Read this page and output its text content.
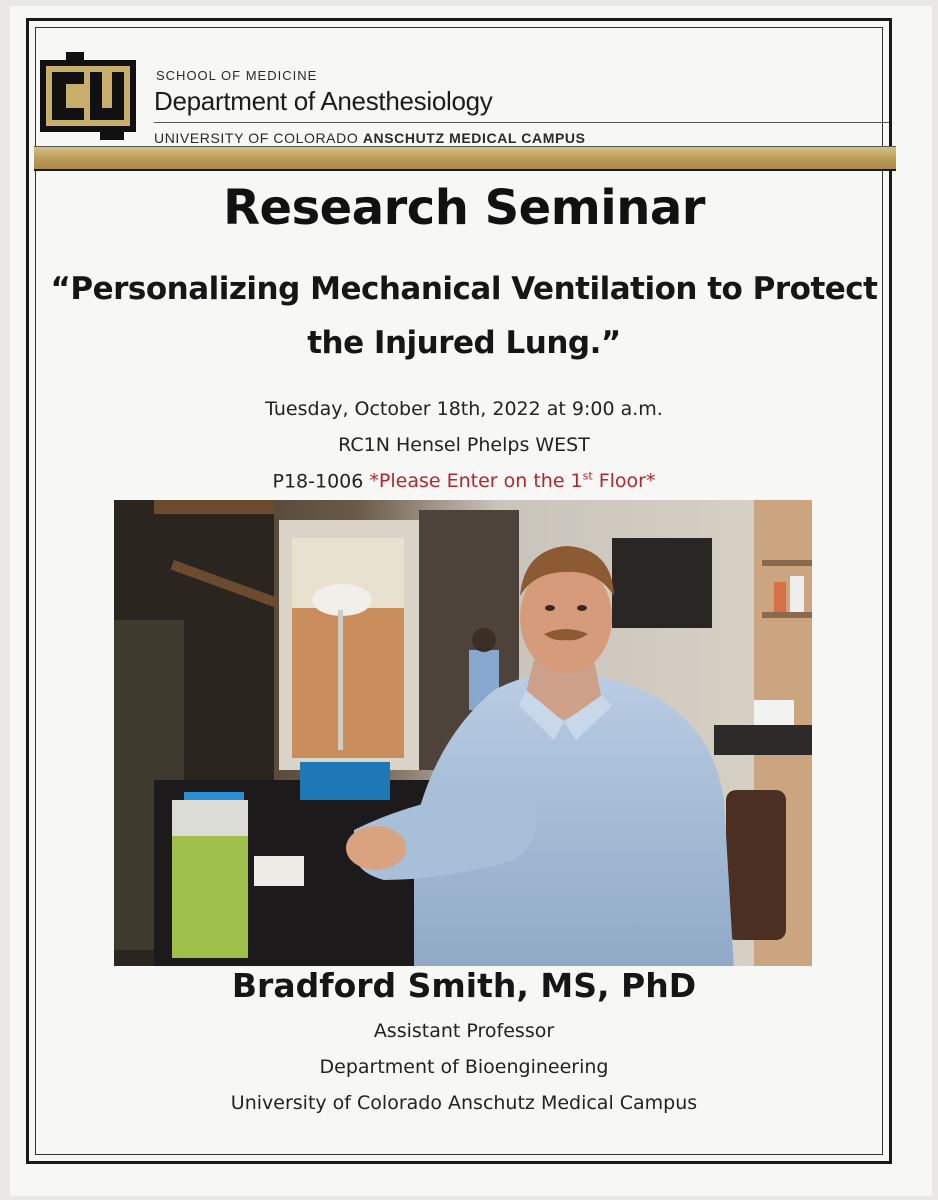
SCHOOL OF MEDICINE
Department of Anesthesiology
UNIVERSITY OF COLORADO ANSCHUTZ MEDICAL CAMPUS
Research Seminar
“Personalizing Mechanical Ventilation to Protect
the Injured Lung.”
Tuesday, October 18th, 2022 at 9:00 a.m.
RC1N Hensel Phelps WEST
P18-1006 *Please Enter on the 1st Floor*
Bradford Smith, MS, PhD
Assistant Professor
Department of Bioengineering
University of Colorado Anschutz Medical Campus
